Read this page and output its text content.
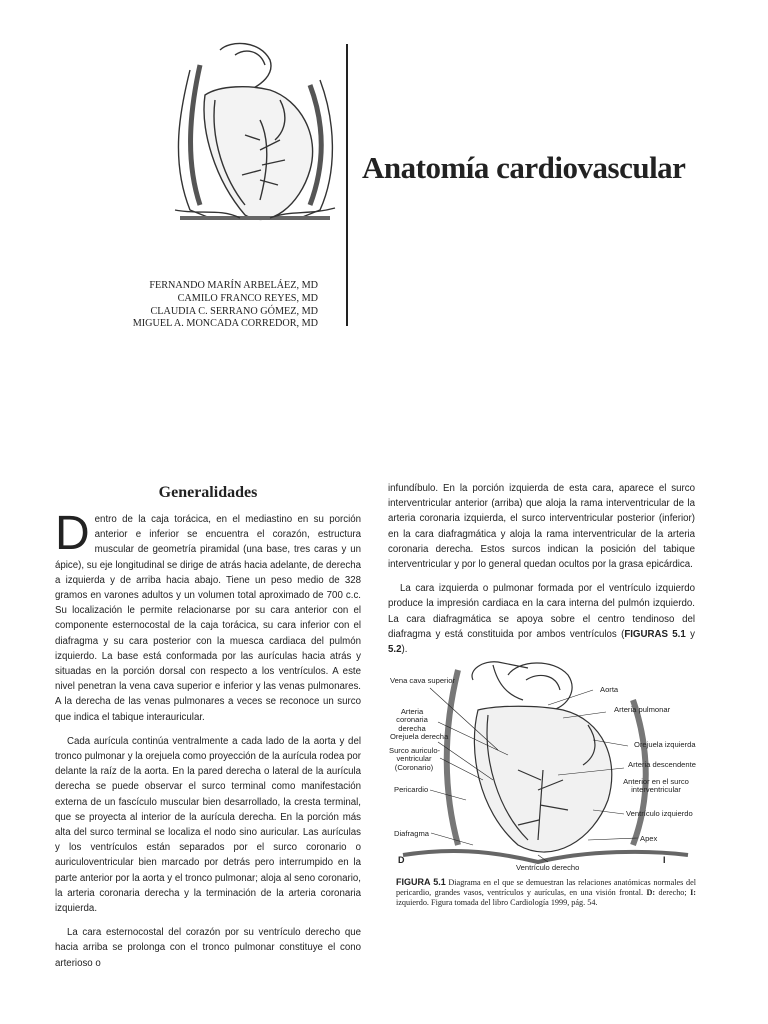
Anatomía cardiovascular
FERNANDO MARÍN ARBELÁEZ, MD
CAMILO FRANCO REYES, MD
CLAUDIA C. SERRANO GÓMEZ, MD
MIGUEL A. MONCADA CORREDOR, MD
Generalidades

Dentro de la caja torácica, en el mediastino en su porción anterior e inferior se encuentra el corazón, estructura muscular de geometría piramidal (una base, tres caras y un ápice), su eje longitudinal se dirige de atrás hacia adelante, de derecha a izquierda y de arriba hacia abajo. Tiene un peso medio de 328 gramos en varones adultos y un volumen total aproximado de 700 c.c. Su localización le permite relacionarse por su cara anterior con el componente esternocostal de la caja torácica, su cara inferior con el diafragma y su cara posterior con la muesca cardiaca del pulmón izquierdo. La base está conformada por las aurículas hacia atrás y situadas en la porción dorsal con respecto a los ventrículos. A este nivel penetran la vena cava superior e inferior y las venas pulmonares. A la derecha de las venas pulmonares a veces se reconoce un surco que indica el tabique interauricular.

Cada aurícula continúa ventralmente a cada lado de la aorta y del tronco pulmonar y la orejuela como proyección de la aurícula rodea por delante la raíz de la aorta. En la pared derecha o lateral de la aurícula derecha se puede observar el surco terminal como manifestación externa de un fascículo muscular bien desarrollado, la cresta terminal, que se proyecta al interior de la aurícula derecha. En la porción más alta del surco terminal se localiza el nodo sino auricular. Las aurículas y los ventrículos están separados por el surco coronario o auriculoventricular bien marcado por detrás pero interrumpido en la parte anterior por la aorta y el tronco pulmonar; aloja al seno coronario, la arteria coronaria derecha y la terminación de la arteria coronaria izquierda.

La cara esternocostal del corazón por su ventrículo derecho que hacia arriba se prolonga con el tronco pulmonar constituye el cono arterioso o

infundíbulo. En la porción izquierda de esta cara, aparece el surco interventricular anterior (arriba) que aloja la rama interventricular de la arteria coronaria izquierda, el surco interventricular posterior (inferior) en la cara diafragmática y aloja la rama interventricular de la arteria coronaria derecha. Estos surcos indican la posición del tabique interventricular y por lo general quedan ocultos por la grasa epicárdica.

La cara izquierda o pulmonar formada por el ventrículo izquierdo produce la impresión cardiaca en la cara interna del pulmón izquierdo. La cara diafragmática se apoya sobre el centro tendinoso del diafragma y está constituida por ambos ventrículos (FIGURAS 5.1 y 5.2).

Vena cava superior
Aorta
Arteria coronaria derecha
Arteria pulmonar
Orejuela derecha
Orejuela izquierda
Surco auriculo-
ventricular
(Coronario)	Arteria descendente
Anterior en el surco
interventricular
Pericardio
Ventrículo izquierdo
Diafragma
Apex
Ventrículo derecho
D	I
FIGURA 5.1 Diagrama en el que se demuestran las relaciones anatómicas normales del pericardio, grandes vasos, ventrículos y aurículas, en una visión frontal. D: derecho; I: izquierdo. Figura tomada del libro Cardiología 1999, pág. 54.
